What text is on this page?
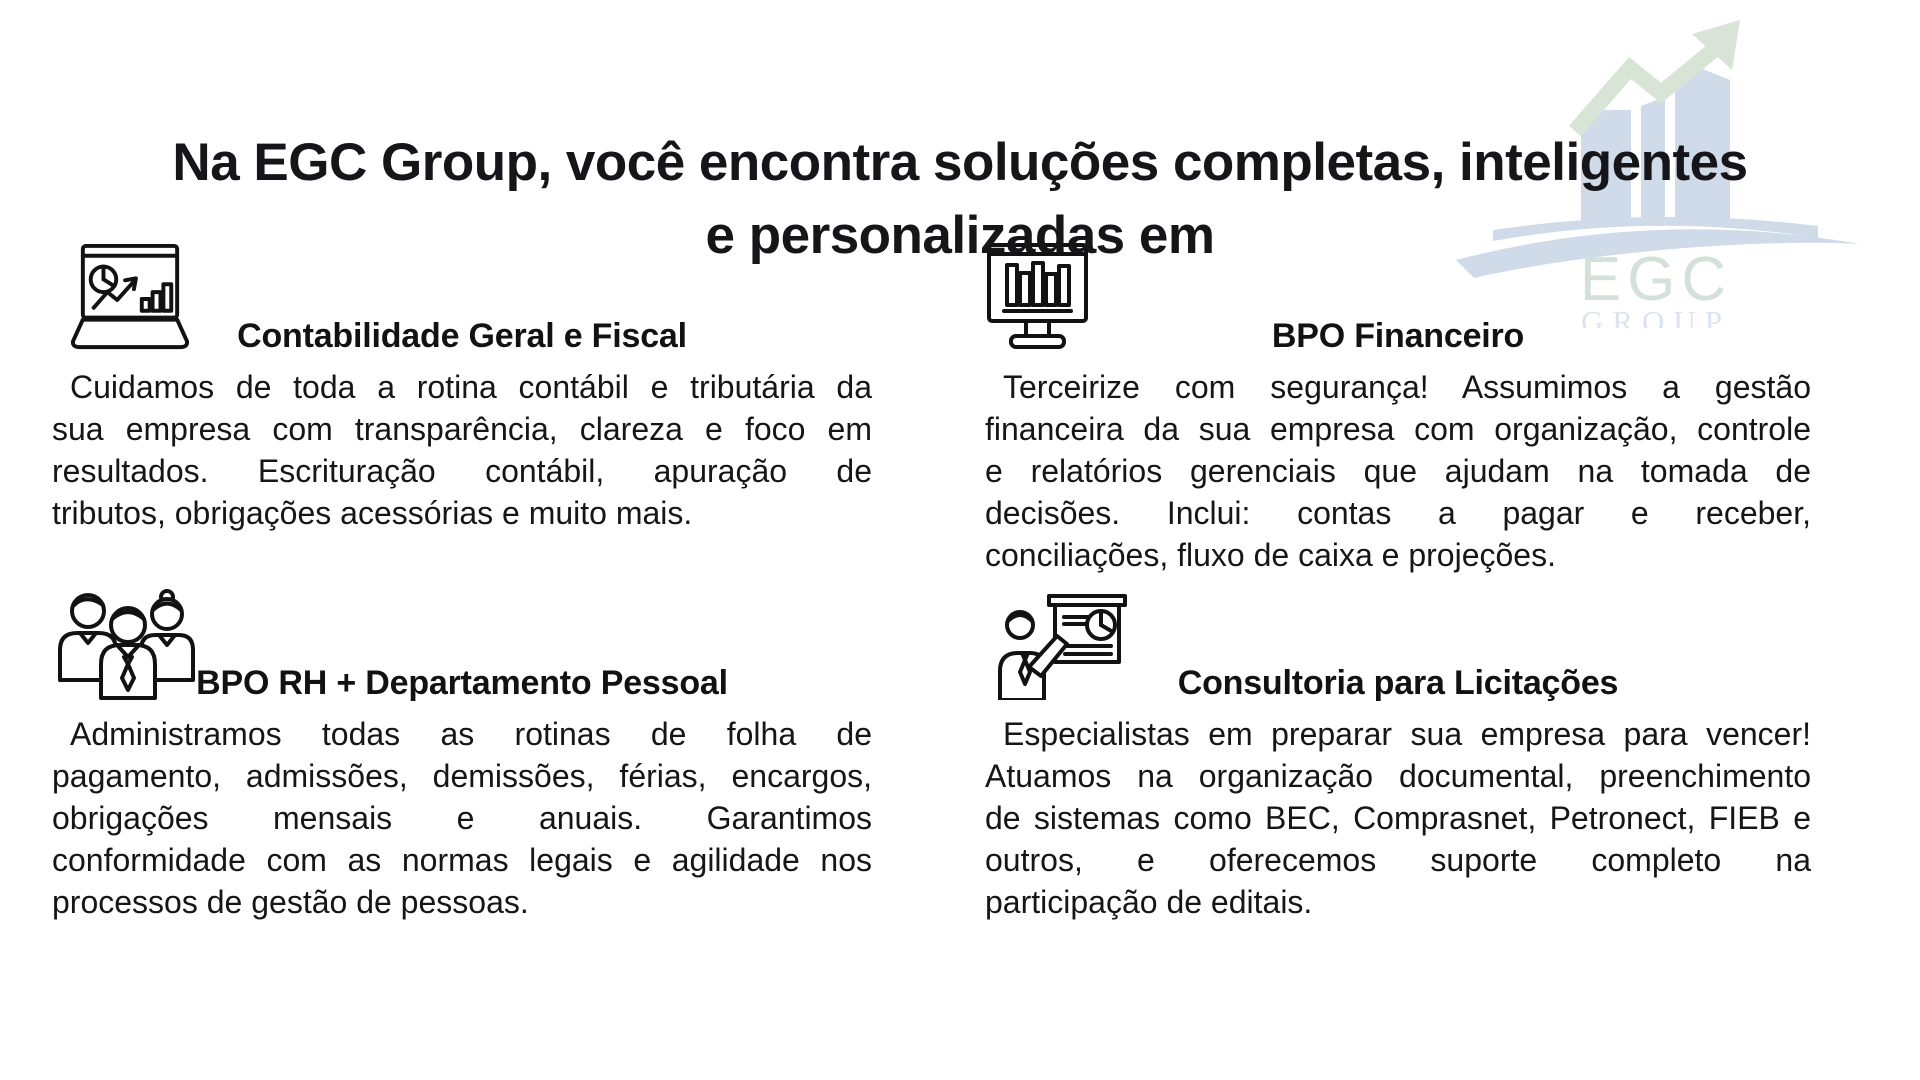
EGC
GROUP
Na EGC Group, você encontra soluções completas, inteligentes
e personalizadas em
Contabilidade Geral e Fiscal
Cuidamos de toda a rotina contábil e tributária da
sua empresa com transparência, clareza e foco em
resultados. Escrituração contábil, apuração de
tributos, obrigações acessórias e muito mais.
BPO Financeiro
Terceirize com segurança! Assumimos a gestão
financeira da sua empresa com organização, controle
e relatórios gerenciais que ajudam na tomada de
decisões. Inclui: contas a pagar e receber,
conciliações, fluxo de caixa e projeções.
BPO RH + Departamento Pessoal
Administramos todas as rotinas de folha de
pagamento, admissões, demissões, férias, encargos,
obrigações mensais e anuais. Garantimos
conformidade com as normas legais e agilidade nos
processos de gestão de pessoas.
Consultoria para Licitações
Especialistas em preparar sua empresa para vencer!
Atuamos na organização documental, preenchimento
de sistemas como BEC, Comprasnet, Petronect, FIEB e
outros, e oferecemos suporte completo na
participação de editais.
